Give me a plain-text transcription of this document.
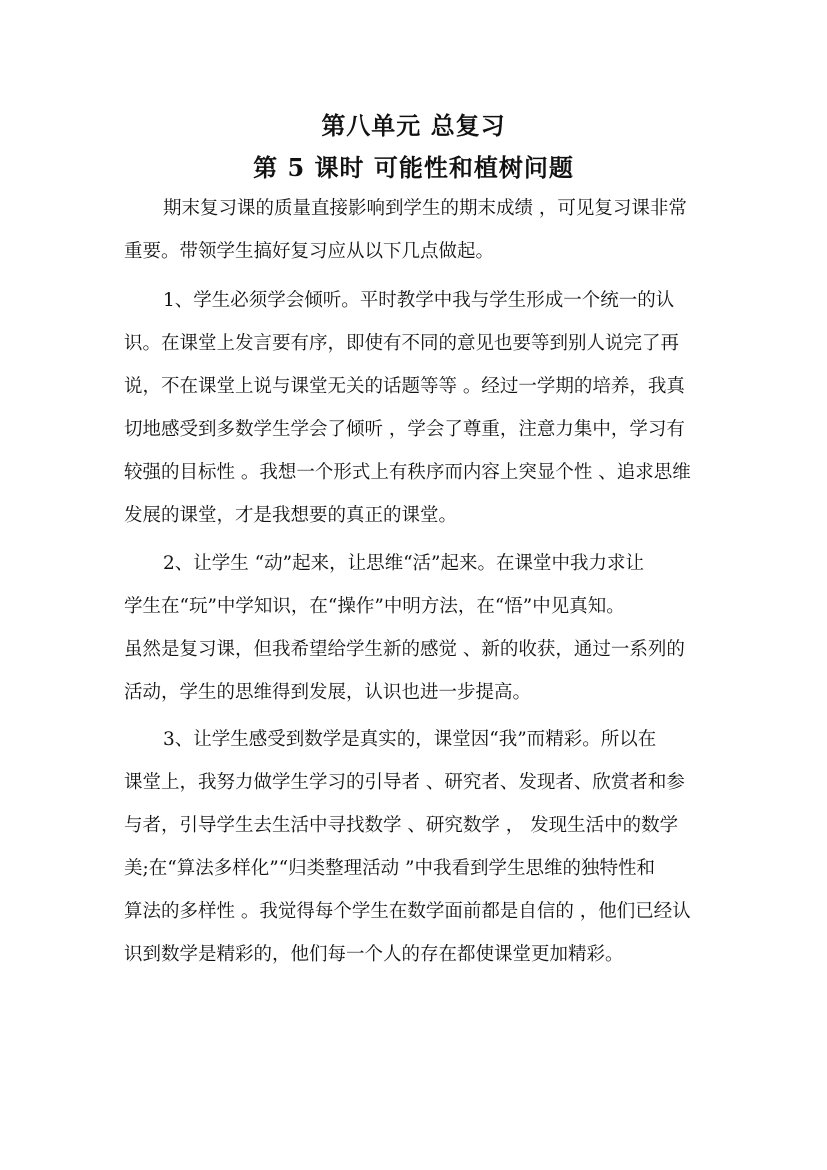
第八单元 总复习
第 5 课时 可能性和植树问题
期末复习课的质量直接影响到学生的期末成绩 ，可见复习课非常
重要。带领学生搞好复习应从以下几点做起。
1、学生必须学会倾听。平时教学中我与学生形成一个统一的认
识。在课堂上发言要有序，即使有不同的意见也要等到别人说完了再
说，不在课堂上说与课堂无关的话题等等 。经过一学期的培养，我真
切地感受到多数学生学会了倾听 ，学会了尊重，注意力集中，学习有
较强的目标性 。我想一个形式上有秩序而内容上突显个性 、追求思维
发展的课堂，才是我想要的真正的课堂。
2、让学生 “动”起来，让思维“活”起来。在课堂中我力求让
学生在“玩”中学知识，在“操作”中明方法，在“悟”中见真知。
虽然是复习课，但我希望给学生新的感觉 、新的收获，通过一系列的
活动，学生的思维得到发展，认识也进一步提高。
3、让学生感受到数学是真实的，课堂因“我”而精彩。所以在
课堂上，我努力做学生学习的引导者 、研究者、发现者、欣赏者和参
与者，引导学生去生活中寻找数学 、研究数学 ， 发现生活中的数学
美;在“算法多样化”“归类整理活动 ”中我看到学生思维的独特性和
算法的多样性 。我觉得每个学生在数学面前都是自信的 ，他们已经认
识到数学是精彩的，他们每一个人的存在都使课堂更加精彩。
